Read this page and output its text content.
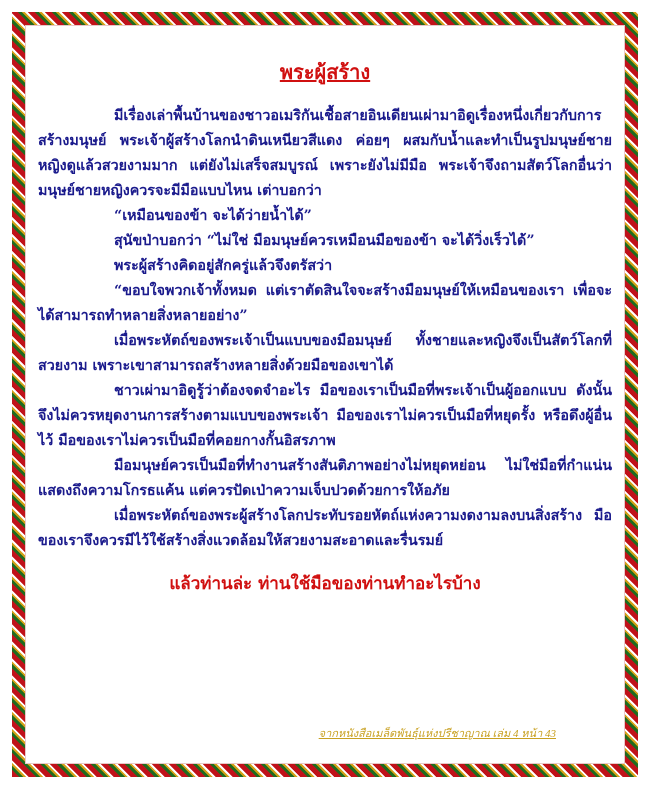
พระผู้สร้าง

มีเรื่องเล่าพื้นบ้านของชาวอเมริกันเชื้อสายอินเดียนเผ่ามาอิดูเรื่องหนึ่งเกี่ยวกับการสร้างมนุษย์ พระเจ้าผู้สร้างโลกนำดินเหนียวสีแดง ค่อยๆ ผสมกับน้ำและทำเป็นรูปมนุษย์ชายหญิงดูแล้วสวยงามมาก แต่ยังไม่เสร็จสมบูรณ์ เพราะยังไม่มีมือ พระเจ้าจึงถามสัตว์โลกอื่นว่า มนุษย์ชายหญิงควรจะมีมือแบบไหน เต่าบอกว่า

“เหมือนของข้า จะได้ว่ายน้ำได้”

สุนัขป่าบอกว่า “ไม่ใช่ มือมนุษย์ควรเหมือนมือของข้า จะได้วิ่งเร็วได้”

พระผู้สร้างคิดอยู่สักครู่แล้วจึงตรัสว่า

“ขอบใจพวกเจ้าทั้งหมด แต่เราตัดสินใจจะสร้างมือมนุษย์ให้เหมือนของเรา เพื่อจะได้สามารถทำหลายสิ่งหลายอย่าง”

เมื่อพระหัตถ์ของพระเจ้าเป็นแบบของมือมนุษย์ ทั้งชายและหญิงจึงเป็นสัตว์โลกที่สวยงาม เพราะเขาสามารถสร้างหลายสิ่งด้วยมือของเขาได้

ชาวเผ่ามาอิดูรู้ว่าต้องจดจำอะไร มือของเราเป็นมือที่พระเจ้าเป็นผู้ออกแบบ ดังนั้น จึงไม่ควรหยุดงานการสร้างตามแบบของพระเจ้า มือของเราไม่ควรเป็นมือที่หยุดรั้ง หรือดึงผู้อื่นไว้ มือของเราไม่ควรเป็นมือที่คอยกางกั้นอิสรภาพ

มือมนุษย์ควรเป็นมือที่ทำงานสร้างสันติภาพอย่างไม่หยุดหย่อน ไม่ใช่มือที่กำแน่นแสดงถึงความโกรธแค้น แต่ควรปัดเป่าความเจ็บปวดด้วยการให้อภัย

เมื่อพระหัตถ์ของพระผู้สร้างโลกประทับรอยหัตถ์แห่งความงดงามลงบนสิ่งสร้าง มือของเราจึงควรมีไว้ใช้สร้างสิ่งแวดล้อมให้สวยงามสะอาดและรื่นรมย์

แล้วท่านล่ะ ท่านใช้มือของท่านทำอะไรบ้าง
จากหนังสือเมล็ดพันธุ์แห่งปรีชาญาณ เล่ม 4 หน้า 43
